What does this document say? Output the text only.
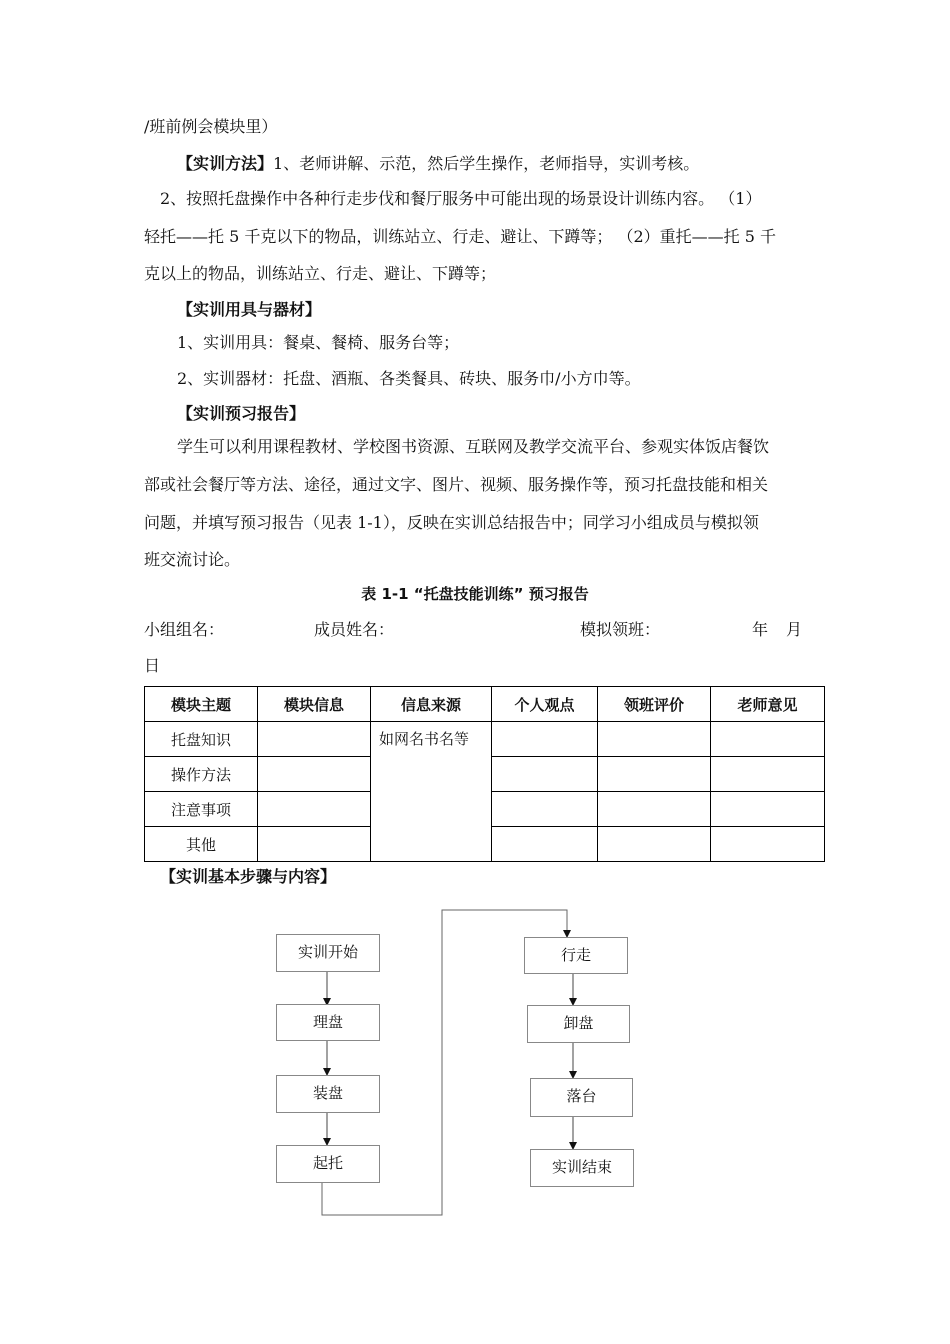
/班前例会模块里）
【实训方法】1、老师讲解、示范，然后学生操作，老师指导，实训考核。
2、按照托盘操作中各种行走步伐和餐厅服务中可能出现的场景设计训练内容。 （1）
轻托——托 5 千克以下的物品，训练站立、行走、避让、下蹲等； （2）重托——托 5 千
克以上的物品，训练站立、行走、避让、下蹲等；
【实训用具与器材】
1、实训用具：餐桌、餐椅、服务台等；
2、实训器材：托盘、酒瓶、各类餐具、砖块、服务巾/小方巾等。
【实训预习报告】
学生可以利用课程教材、学校图书资源、互联网及教学交流平台、参观实体饭店餐饮
部或社会餐厅等方法、途径，通过文字、图片、视频、服务操作等，预习托盘技能和相关
问题，并填写预习报告（见表 1-1），反映在实训总结报告中；同学习小组成员与模拟领
班交流讨论。
表 1-1 “托盘技能训练” 预习报告
小组组名：	成员姓名：	模拟领班：	年 月
日
模块主题	模块信息	信息来源	个人观点	领班评价	老师意见
托盘知识		如网名书名等			
操作方法					
注意事项					
其他					
【实训基本步骤与内容】
实训开始
理盘
装盘
起托
行走
卸盘
落台
实训结束
